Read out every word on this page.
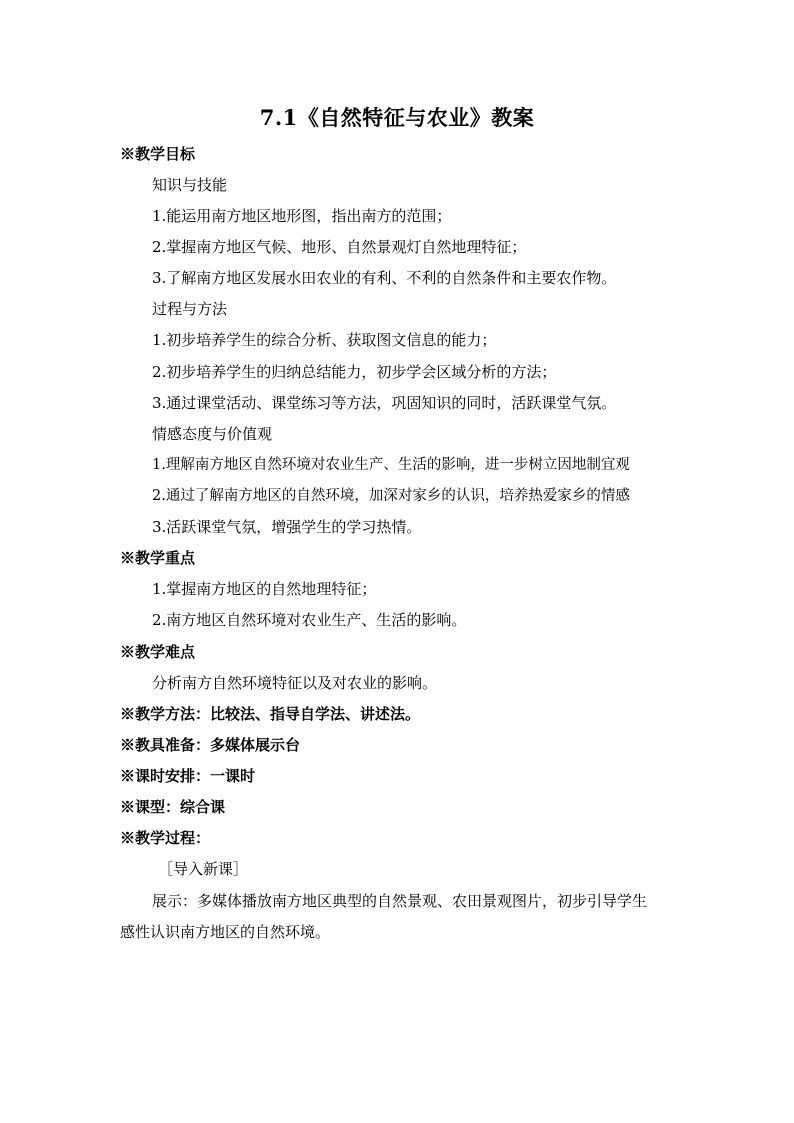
7.1《自然特征与农业》教案
※教学目标
知识与技能
1.能运用南方地区地形图，指出南方的范围；
2.掌握南方地区气候、地形、自然景观灯自然地理特征；
3.了解南方地区发展水田农业的有利、不利的自然条件和主要农作物。
过程与方法
1.初步培养学生的综合分析、获取图文信息的能力；
2.初步培养学生的归纳总结能力，初步学会区域分析的方法；
3.通过课堂活动、课堂练习等方法，巩固知识的同时，活跃课堂气氛。
情感态度与价值观
1.理解南方地区自然环境对农业生产、生活的影响，进一步树立因地制宜观
2.通过了解南方地区的自然环境，加深对家乡的认识，培养热爱家乡的情感
3.活跃课堂气氛，增强学生的学习热情。
※教学重点
1.掌握南方地区的自然地理特征；
2.南方地区自然环境对农业生产、生活的影响。
※教学难点
分析南方自然环境特征以及对农业的影响。
※教学方法：比较法、指导自学法、讲述法。
※教具准备：多媒体展示台
※课时安排：一课时
※课型：综合课
※教学过程：
［导入新课］
展示：多媒体播放南方地区典型的自然景观、农田景观图片，初步引导学生
感性认识南方地区的自然环境。
